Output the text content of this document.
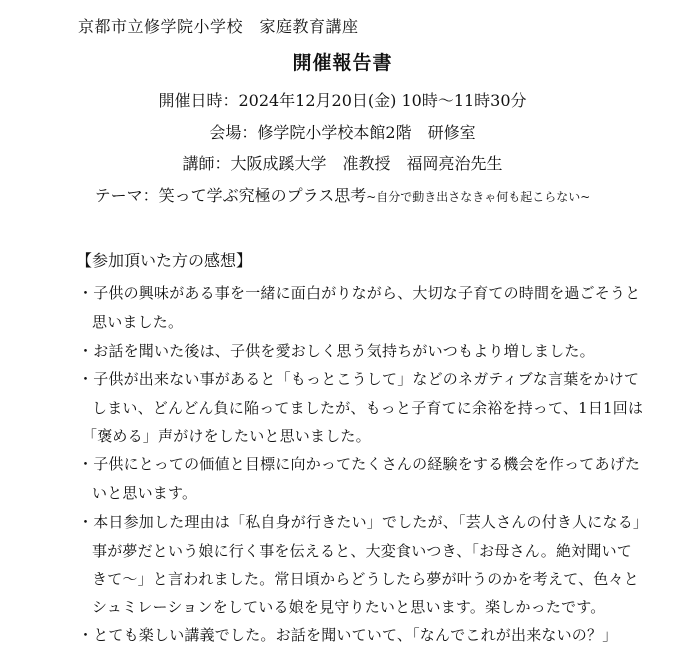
京都市立修学院小学校　家庭教育講座
開催報告書
開催日時：2024年12月20日(金) 10時～11時30分
会場：修学院小学校本館2階　研修室
講師：大阪成蹊大学　准教授　福岡亮治先生
テーマ：笑って学ぶ究極のプラス思考~自分で動き出さなきゃ何も起こらない~
【参加頂いた方の感想】
・子供の興味がある事を一緒に面白がりながら、大切な子育ての時間を過ごそうと
思いました。
・お話を聞いた後は、子供を愛おしく思う気持ちがいつもより増しました。
・子供が出来ない事があると「もっとこうして」などのネガティブな言葉をかけて
しまい、どんどん負に陥ってましたが、もっと子育てに余裕を持って、1日1回は
「褒める」声がけをしたいと思いました。
・子供にとっての価値と目標に向かってたくさんの経験をする機会を作ってあげた
いと思います。
・本日参加した理由は「私自身が行きたい」でしたが、「芸人さんの付き人になる」
事が夢だという娘に行く事を伝えると、大変食いつき、「お母さん。絶対聞いて
きて～」と言われました。常日頃からどうしたら夢が叶うのかを考えて、色々と
シュミレーションをしている娘を見守りたいと思います。楽しかったです。
・とても楽しい講義でした。お話を聞いていて、「なんでこれが出来ないの？」
